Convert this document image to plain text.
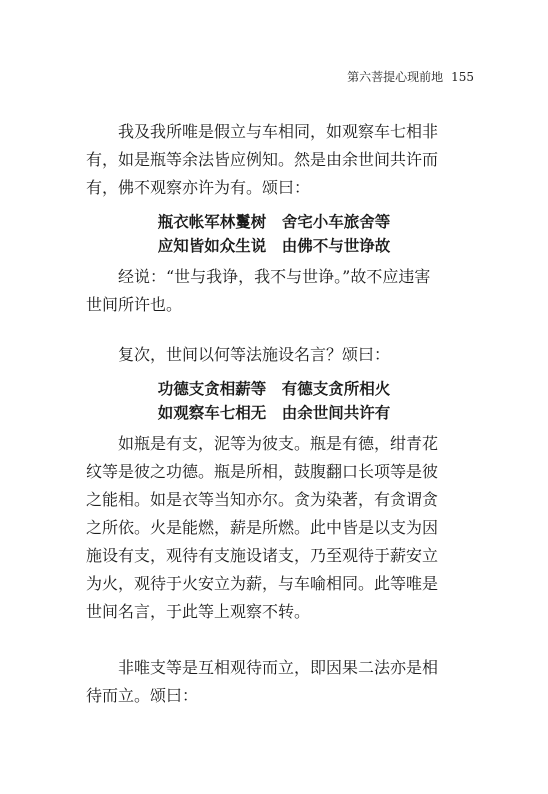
第六菩提心现前地 155
　　我及我所唯是假立与车相同，如观察车七相非
有，如是瓶等余法皆应例知。然是由余世间共许而
有，佛不观察亦许为有。颂曰：
瓶衣帐军林鬘树　舍宅小车旅舍等
应知皆如众生说　由佛不与世诤故
　　经说：“世与我诤，我不与世诤。”故不应违害
世间所许也。
　　复次，世间以何等法施设名言？颂曰：
功德支贪相薪等　有德支贪所相火
如观察车七相无　由余世间共许有
　　如瓶是有支，泥等为彼支。瓶是有德，绀青花
纹等是彼之功德。瓶是所相，鼓腹翻口长项等是彼
之能相。如是衣等当知亦尔。贪为染著，有贪谓贪
之所依。火是能燃，薪是所燃。此中皆是以支为因
施设有支，观待有支施设诸支，乃至观待于薪安立
为火，观待于火安立为薪，与车喻相同。此等唯是
世间名言，于此等上观察不转。
　　非唯支等是互相观待而立，即因果二法亦是相
待而立。颂曰：
